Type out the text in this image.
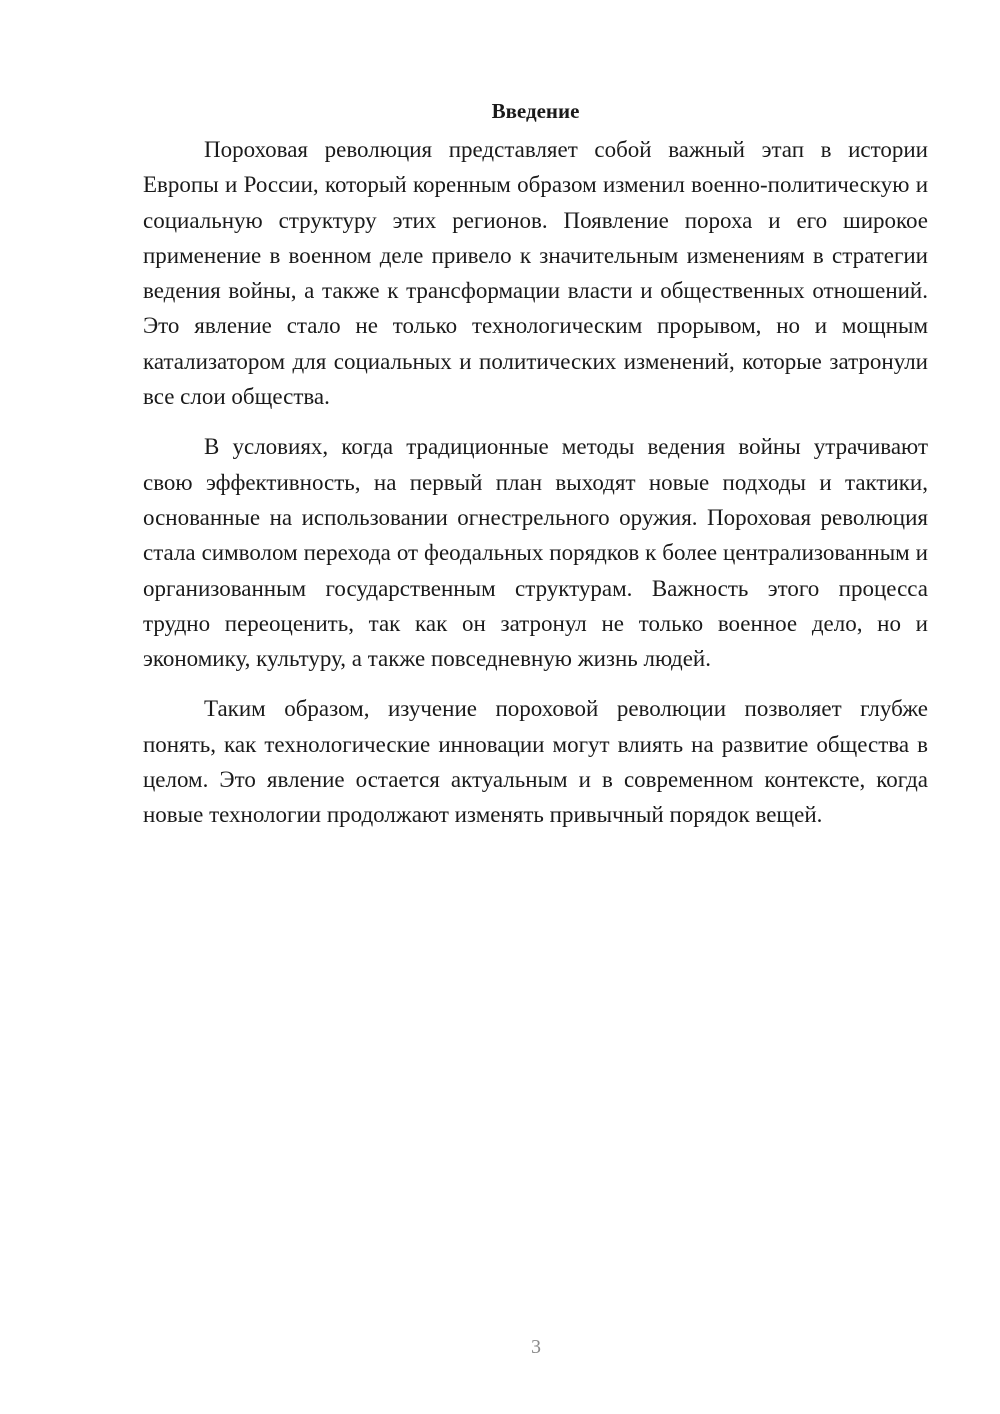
Введение

Пороховая революция представляет собой важный этап в истории Европы и России, который коренным образом изменил военно-политическую и социальную структуру этих регионов. Появление пороха и его широкое применение в военном деле привело к значительным изменениям в стратегии ведения войны, а также к трансформации власти и общественных отношений. Это явление стало не только технологическим прорывом, но и мощным катализатором для социальных и политических изменений, которые затронули все слои общества.

В условиях, когда традиционные методы ведения войны утрачивают свою эффективность, на первый план выходят новые подходы и тактики, основанные на использовании огнестрельного оружия. Пороховая революция стала символом перехода от феодальных порядков к более централизованным и организованным государственным структурам. Важность этого процесса трудно переоценить, так как он затронул не только военное дело, но и экономику, культуру, а также повседневную жизнь людей.

Таким образом, изучение пороховой революции позволяет глубже понять, как технологические инновации могут влиять на развитие общества в целом. Это явление остается актуальным и в современном контексте, когда новые технологии продолжают изменять привычный порядок вещей.

3
